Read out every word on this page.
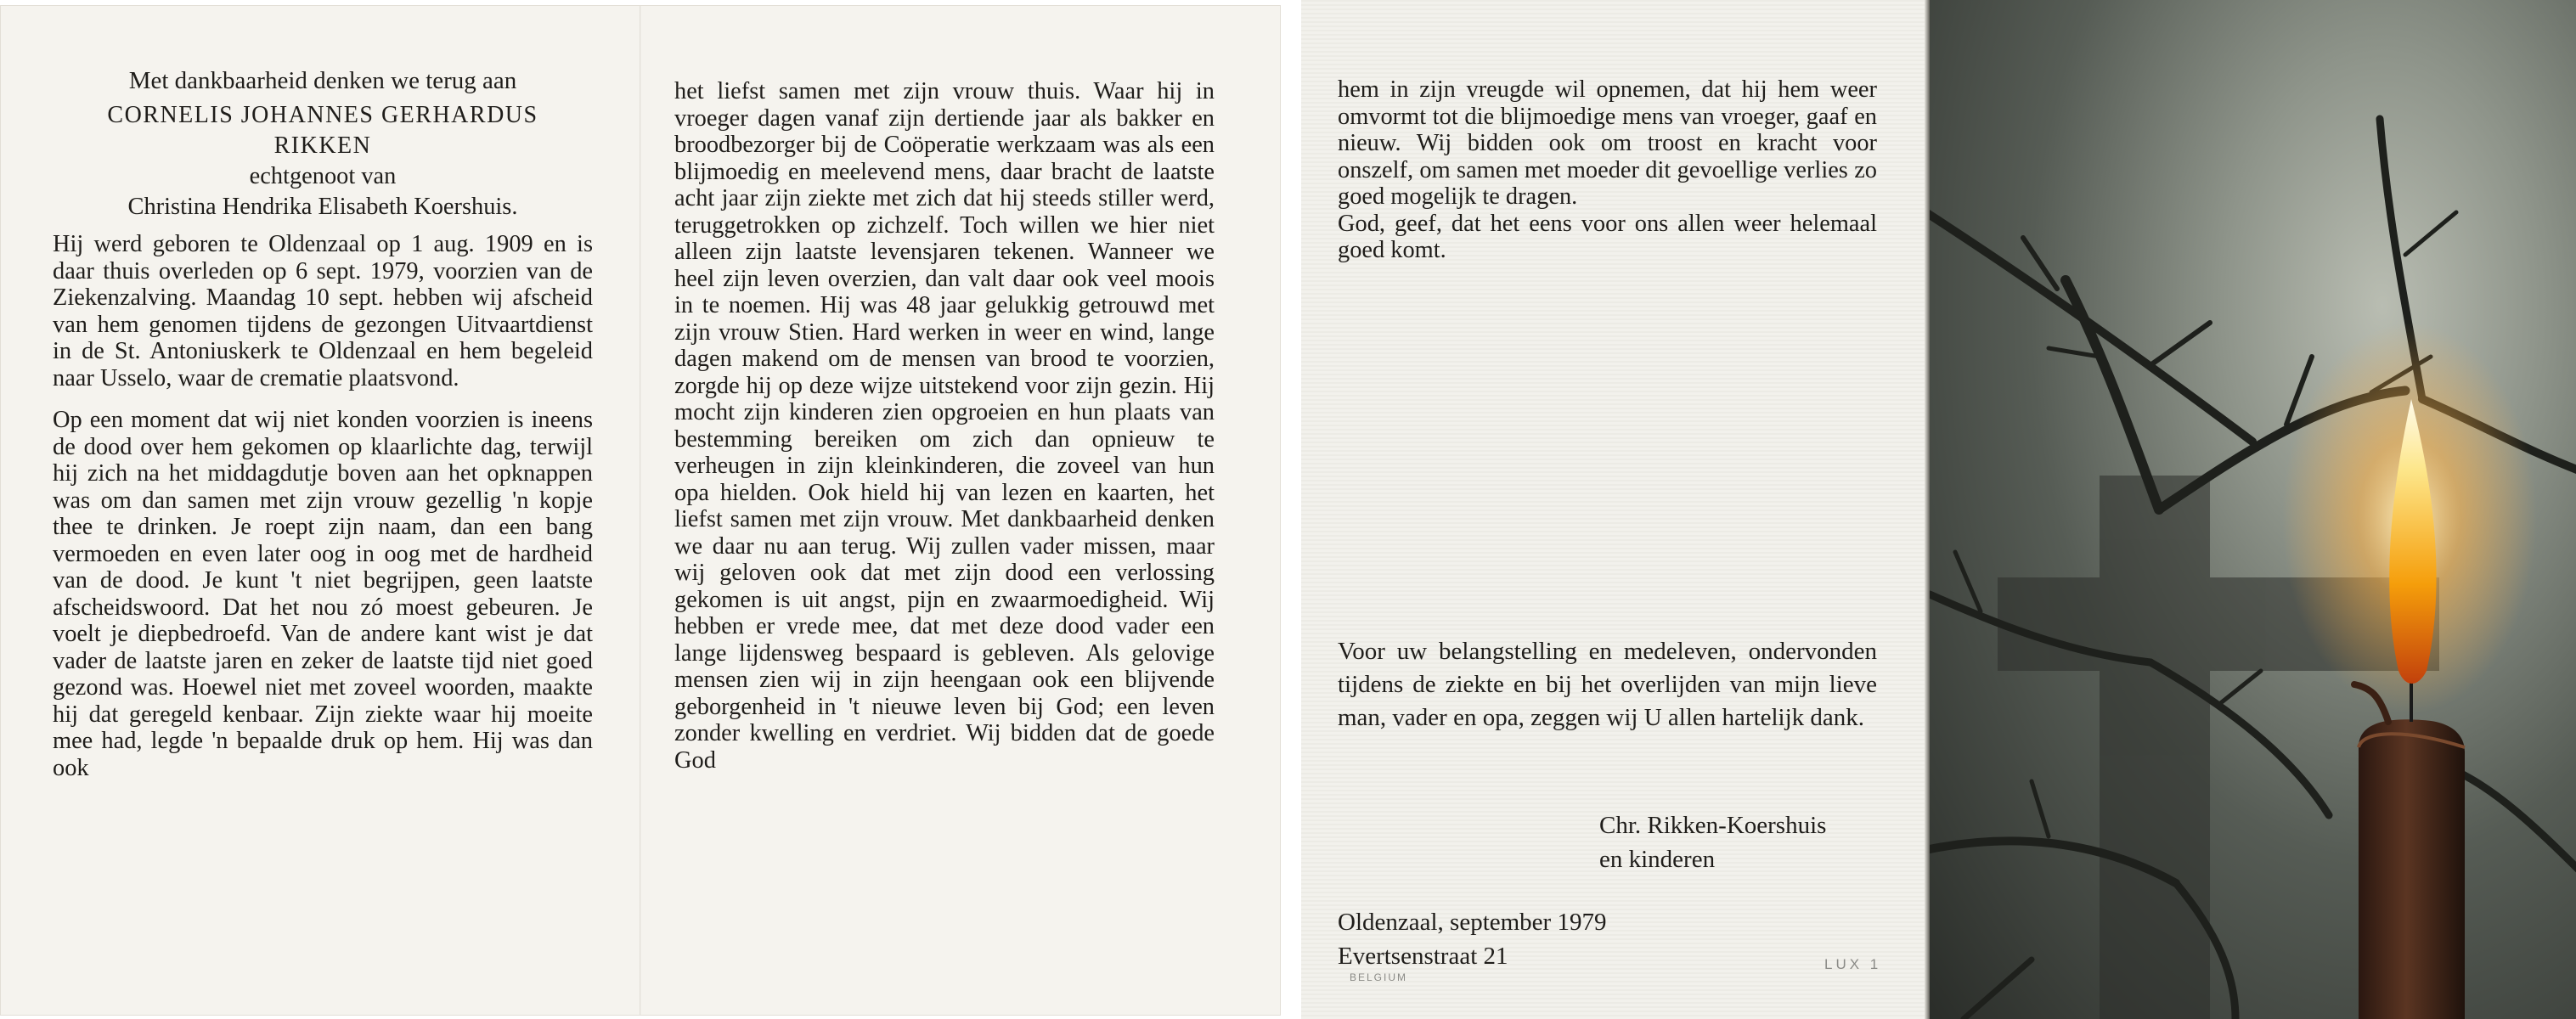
Met dankbaarheid denken we terug aan

CORNELIS JOHANNES GERHARDUS

RIKKEN

echtgenoot van

Christina Hendrika Elisabeth Koershuis.

Hij werd geboren te Oldenzaal op 1 aug. 1909 en is daar thuis overleden op 6 sept. 1979, voorzien van de Ziekenzalving. Maandag 10 sept. hebben wij afscheid van hem genomen tijdens de gezongen Uitvaartdienst in de St. Antoniuskerk te Oldenzaal en hem begeleid naar Usselo, waar de crematie plaatsvond.

Op een moment dat wij niet konden voorzien is ineens de dood over hem gekomen op klaarlichte dag, terwijl hij zich na het middagdutje boven aan het opknappen was om dan samen met zijn vrouw gezellig 'n kopje thee te drinken. Je roept zijn naam, dan een bang vermoeden en even later oog in oog met de hardheid van de dood. Je kunt 't niet begrijpen, geen laatste afscheidswoord. Dat het nou zó moest gebeuren. Je voelt je diepbedroefd. Van de andere kant wist je dat vader de laatste jaren en zeker de laatste tijd niet goed gezond was. Hoewel niet met zoveel woorden, maakte hij dat geregeld kenbaar. Zijn ziekte waar hij moeite mee had, legde 'n bepaalde druk op hem. Hij was dan ook

het liefst samen met zijn vrouw thuis. Waar hij in vroeger dagen vanaf zijn dertiende jaar als bakker en broodbezorger bij de Coöperatie werkzaam was als een blijmoedig en meelevend mens, daar bracht de laatste acht jaar zijn ziekte met zich dat hij steeds stiller werd, teruggetrokken op zichzelf. Toch willen we hier niet alleen zijn laatste levensjaren tekenen. Wanneer we heel zijn leven overzien, dan valt daar ook veel moois in te noemen. Hij was 48 jaar gelukkig getrouwd met zijn vrouw Stien. Hard werken in weer en wind, lange dagen makend om de mensen van brood te voorzien, zorgde hij op deze wijze uitstekend voor zijn gezin. Hij mocht zijn kinderen zien opgroeien en hun plaats van bestemming bereiken om zich dan opnieuw te verheugen in zijn kleinkinderen, die zoveel van hun opa hielden. Ook hield hij van lezen en kaarten, het liefst samen met zijn vrouw. Met dankbaarheid denken we daar nu aan terug. Wij zullen vader missen, maar wij geloven ook dat met zijn dood een verlossing gekomen is uit angst, pijn en zwaarmoedigheid. Wij hebben er vrede mee, dat met deze dood vader een lange lijdensweg bespaard is gebleven. Als gelovige mensen zien wij in zijn heengaan ook een blijvende geborgenheid in 't nieuwe leven bij God; een leven zonder kwelling en verdriet. Wij bidden dat de goede God

hem in zijn vreugde wil opnemen, dat hij hem weer omvormt tot die blijmoedige mens van vroeger, gaaf en nieuw. Wij bidden ook om troost en kracht voor onszelf, om samen met moeder dit gevoellige verlies zo goed mogelijk te dragen.

God, geef, dat het eens voor ons allen weer helemaal goed komt.

Voor uw belangstelling en medeleven, ondervonden tijdens de ziekte en bij het overlijden van mijn lieve man, vader en opa, zeggen wij U allen hartelijk dank.

Chr. Rikken-Koershuis
en kinderen
Oldenzaal, september 1979
Evertsenstraat 21
BELGIUM
LUX 1
